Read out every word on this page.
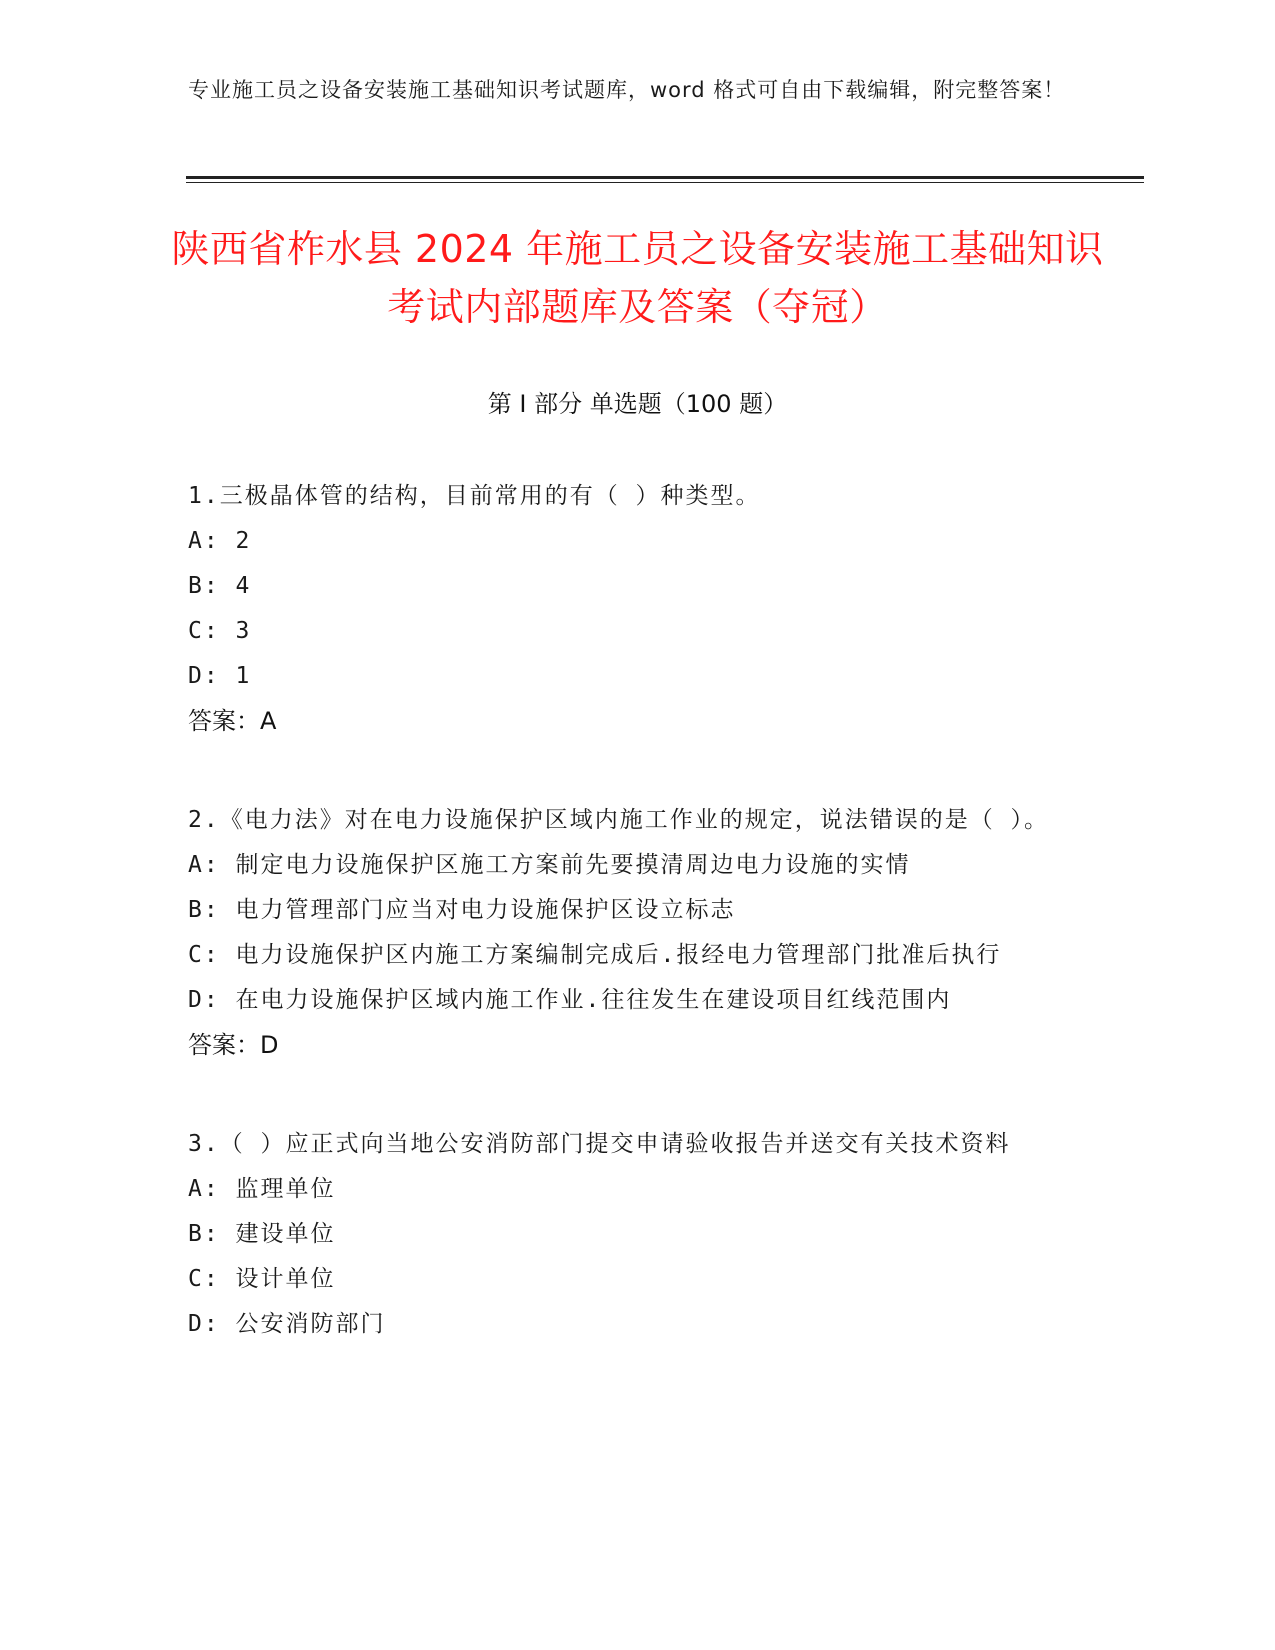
专业施工员之设备安装施工基础知识考试题库，word 格式可自由下载编辑，附完整答案！
陕西省柞水县 2024 年施工员之设备安装施工基础知识考试内部题库及答案（夺冠）
第 I 部分 单选题（100 题）

1.三极晶体管的结构，目前常用的有（ ）种类型。

A: 2

B: 4

C: 3

D: 1

答案：A

2.《电力法》对在电力设施保护区域内施工作业的规定，说法错误的是（ ）。

A: 制定电力设施保护区施工方案前先要摸清周边电力设施的实情

B: 电力管理部门应当对电力设施保护区设立标志

C: 电力设施保护区内施工方案编制完成后.报经电力管理部门批准后执行

D: 在电力设施保护区域内施工作业.往往发生在建设项目红线范围内

答案：D

3.（ ）应正式向当地公安消防部门提交申请验收报告并送交有关技术资料

A: 监理单位

B: 建设单位

C: 设计单位

D: 公安消防部门
